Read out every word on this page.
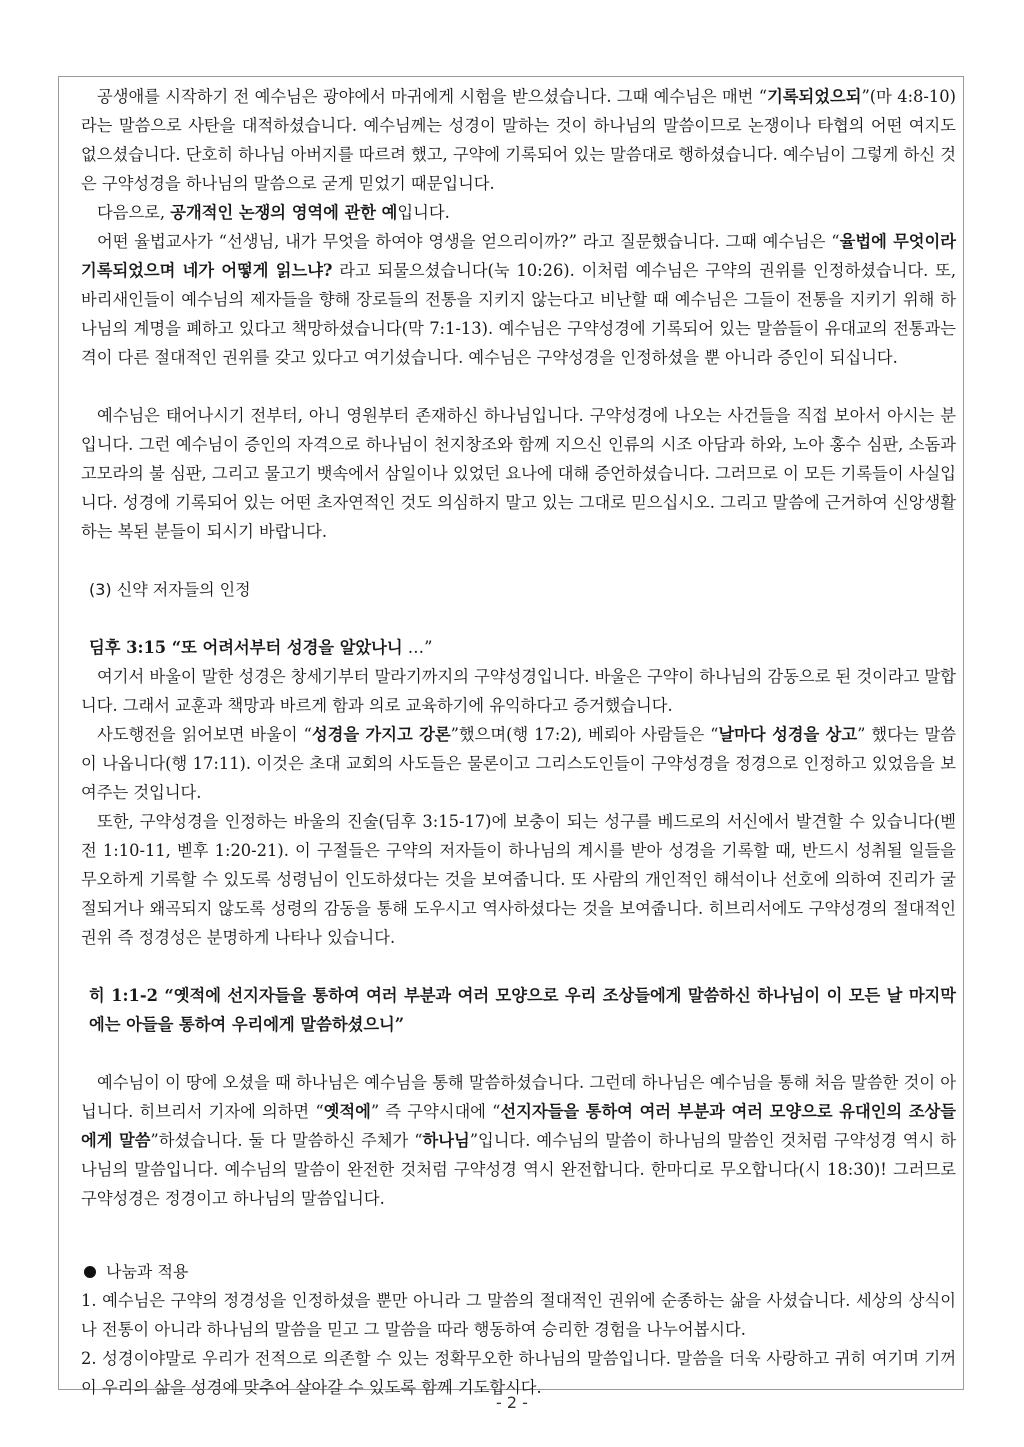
공생애를 시작하기 전 예수님은 광야에서 마귀에게 시험을 받으셨습니다. 그때 예수님은 매번 “기록되었으되”(마 4:8-10)라는 말씀으로 사탄을 대적하셨습니다. 예수님께는 성경이 말하는 것이 하나님의 말씀이므로 논쟁이나 타협의 어떤 여지도 없으셨습니다. 단호히 하나님 아버지를 따르려 했고, 구약에 기록되어 있는 말씀대로 행하셨습니다. 예수님이 그렇게 하신 것은 구약성경을 하나님의 말씀으로 굳게 믿었기 때문입니다.

다음으로, 공개적인 논쟁의 영역에 관한 예입니다.

어떤 율법교사가 “선생님, 내가 무엇을 하여야 영생을 얻으리이까?” 라고 질문했습니다. 그때 예수님은 “율법에 무엇이라 기록되었으며 네가 어떻게 읽느냐? 라고 되물으셨습니다(눅 10:26). 이처럼 예수님은 구약의 권위를 인정하셨습니다. 또, 바리새인들이 예수님의 제자들을 향해 장로들의 전통을 지키지 않는다고 비난할 때 예수님은 그들이 전통을 지키기 위해 하나님의 계명을 폐하고 있다고 책망하셨습니다(막 7:1-13). 예수님은 구약성경에 기록되어 있는 말씀들이 유대교의 전통과는 격이 다른 절대적인 권위를 갖고 있다고 여기셨습니다. 예수님은 구약성경을 인정하셨을 뿐 아니라 증인이 되십니다.

예수님은 태어나시기 전부터, 아니 영원부터 존재하신 하나님입니다. 구약성경에 나오는 사건들을 직접 보아서 아시는 분입니다. 그런 예수님이 증인의 자격으로 하나님이 천지창조와 함께 지으신 인류의 시조 아담과 하와, 노아 홍수 심판, 소돔과 고모라의 불 심판, 그리고 물고기 뱃속에서 삼일이나 있었던 요나에 대해 증언하셨습니다. 그러므로 이 모든 기록들이 사실입니다. 성경에 기록되어 있는 어떤 초자연적인 것도 의심하지 말고 있는 그대로 믿으십시오. 그리고 말씀에 근거하여 신앙생활 하는 복된 분들이 되시기 바랍니다.

(3) 신약 저자들의 인정

딤후 3:15 “또 어려서부터 성경을 알았나니 …”

여기서 바울이 말한 성경은 창세기부터 말라기까지의 구약성경입니다. 바울은 구약이 하나님의 감동으로 된 것이라고 말합니다. 그래서 교훈과 책망과 바르게 함과 의로 교육하기에 유익하다고 증거했습니다.

사도행전을 읽어보면 바울이 “성경을 가지고 강론”했으며(행 17:2), 베뢰아 사람들은 “날마다 성경을 상고” 했다는 말씀이 나옵니다(행 17:11). 이것은 초대 교회의 사도들은 물론이고 그리스도인들이 구약성경을 정경으로 인정하고 있었음을 보여주는 것입니다.

또한, 구약성경을 인정하는 바울의 진술(딤후 3:15-17)에 보충이 되는 성구를 베드로의 서신에서 발견할 수 있습니다(벧전 1:10-11, 벧후 1:20-21). 이 구절들은 구약의 저자들이 하나님의 계시를 받아 성경을 기록할 때, 반드시 성취될 일들을 무오하게 기록할 수 있도록 성령님이 인도하셨다는 것을 보여줍니다. 또 사람의 개인적인 해석이나 선호에 의하여 진리가 굴절되거나 왜곡되지 않도록 성령의 감동을 통해 도우시고 역사하셨다는 것을 보여줍니다. 히브리서에도 구약성경의 절대적인 권위 즉 정경성은 분명하게 나타나 있습니다.

히 1:1-2 “옛적에 선지자들을 통하여 여러 부분과 여러 모양으로 우리 조상들에게 말씀하신 하나님이 이 모든 날 마지막에는 아들을 통하여 우리에게 말씀하셨으니”

예수님이 이 땅에 오셨을 때 하나님은 예수님을 통해 말씀하셨습니다. 그런데 하나님은 예수님을 통해 처음 말씀한 것이 아닙니다. 히브리서 기자에 의하면 “옛적에” 즉 구약시대에 “선지자들을 통하여 여러 부분과 여러 모양으로 유대인의 조상들에게 말씀”하셨습니다. 둘 다 말씀하신 주체가 “하나님”입니다. 예수님의 말씀이 하나님의 말씀인 것처럼 구약성경 역시 하나님의 말씀입니다. 예수님의 말씀이 완전한 것처럼 구약성경 역시 완전합니다. 한마디로 무오합니다(시 18:30)! 그러므로 구약성경은 정경이고 하나님의 말씀입니다.

나눔과 적용

1. 예수님은 구약의 정경성을 인정하셨을 뿐만 아니라 그 말씀의 절대적인 권위에 순종하는 삶을 사셨습니다. 세상의 상식이나 전통이 아니라 하나님의 말씀을 믿고 그 말씀을 따라 행동하여 승리한 경험을 나누어봅시다.

2. 성경이야말로 우리가 전적으로 의존할 수 있는 정확무오한 하나님의 말씀입니다. 말씀을 더욱 사랑하고 귀히 여기며 기꺼이 우리의 삶을 성경에 맞추어 살아갈 수 있도록 함께 기도합시다.

- 2 -
